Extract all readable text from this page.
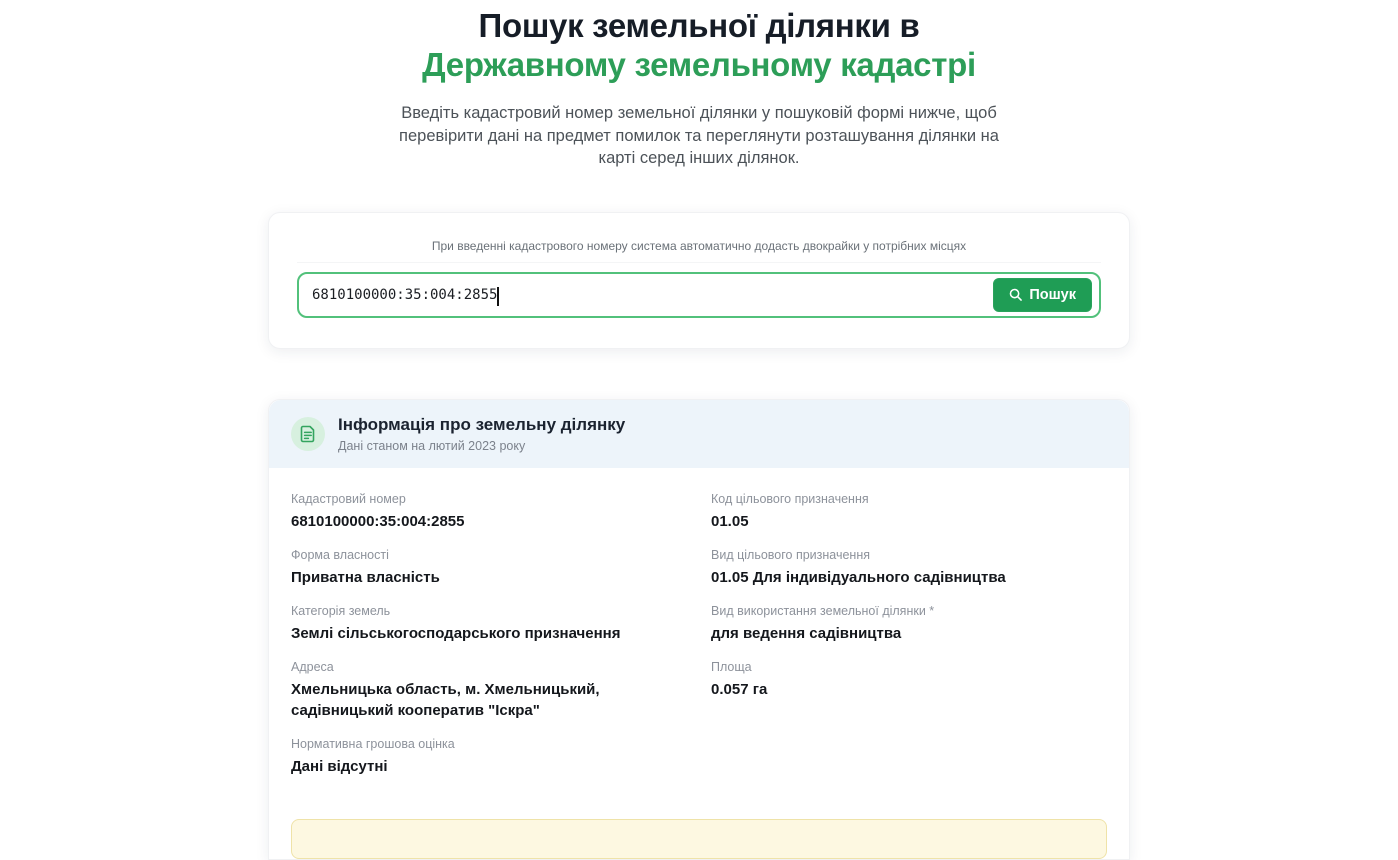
Пошук земельної ділянки в
Державному земельному кадастрі

Введіть кадастровий номер земельної ділянки у пошуковій формі нижче, щоб перевірити дані на предмет помилок та переглянути розташування ділянки на карті серед інших ділянок.

При введенні кадастрового номеру система автоматично додасть двокрайки у потрібних місцях
6810100000:35:004:2855
Пошук
Інформація про земельну ділянку
Дані станом на лютий 2023 року
Кадастровий номер
6810100000:35:004:2855
Форма власності
Приватна власність
Категорія земель
Землі сільськогосподарського призначення
Адреса
Хмельницька область, м. Хмельницький, садівницький кооператив "Іскра"
Нормативна грошова оцінка
Дані відсутні
Код цільового призначення
01.05
Вид цільового призначення
01.05 Для індивідуального садівництва
Вид використання земельної ділянки *
для ведення садівництва
Площа
0.057 га
